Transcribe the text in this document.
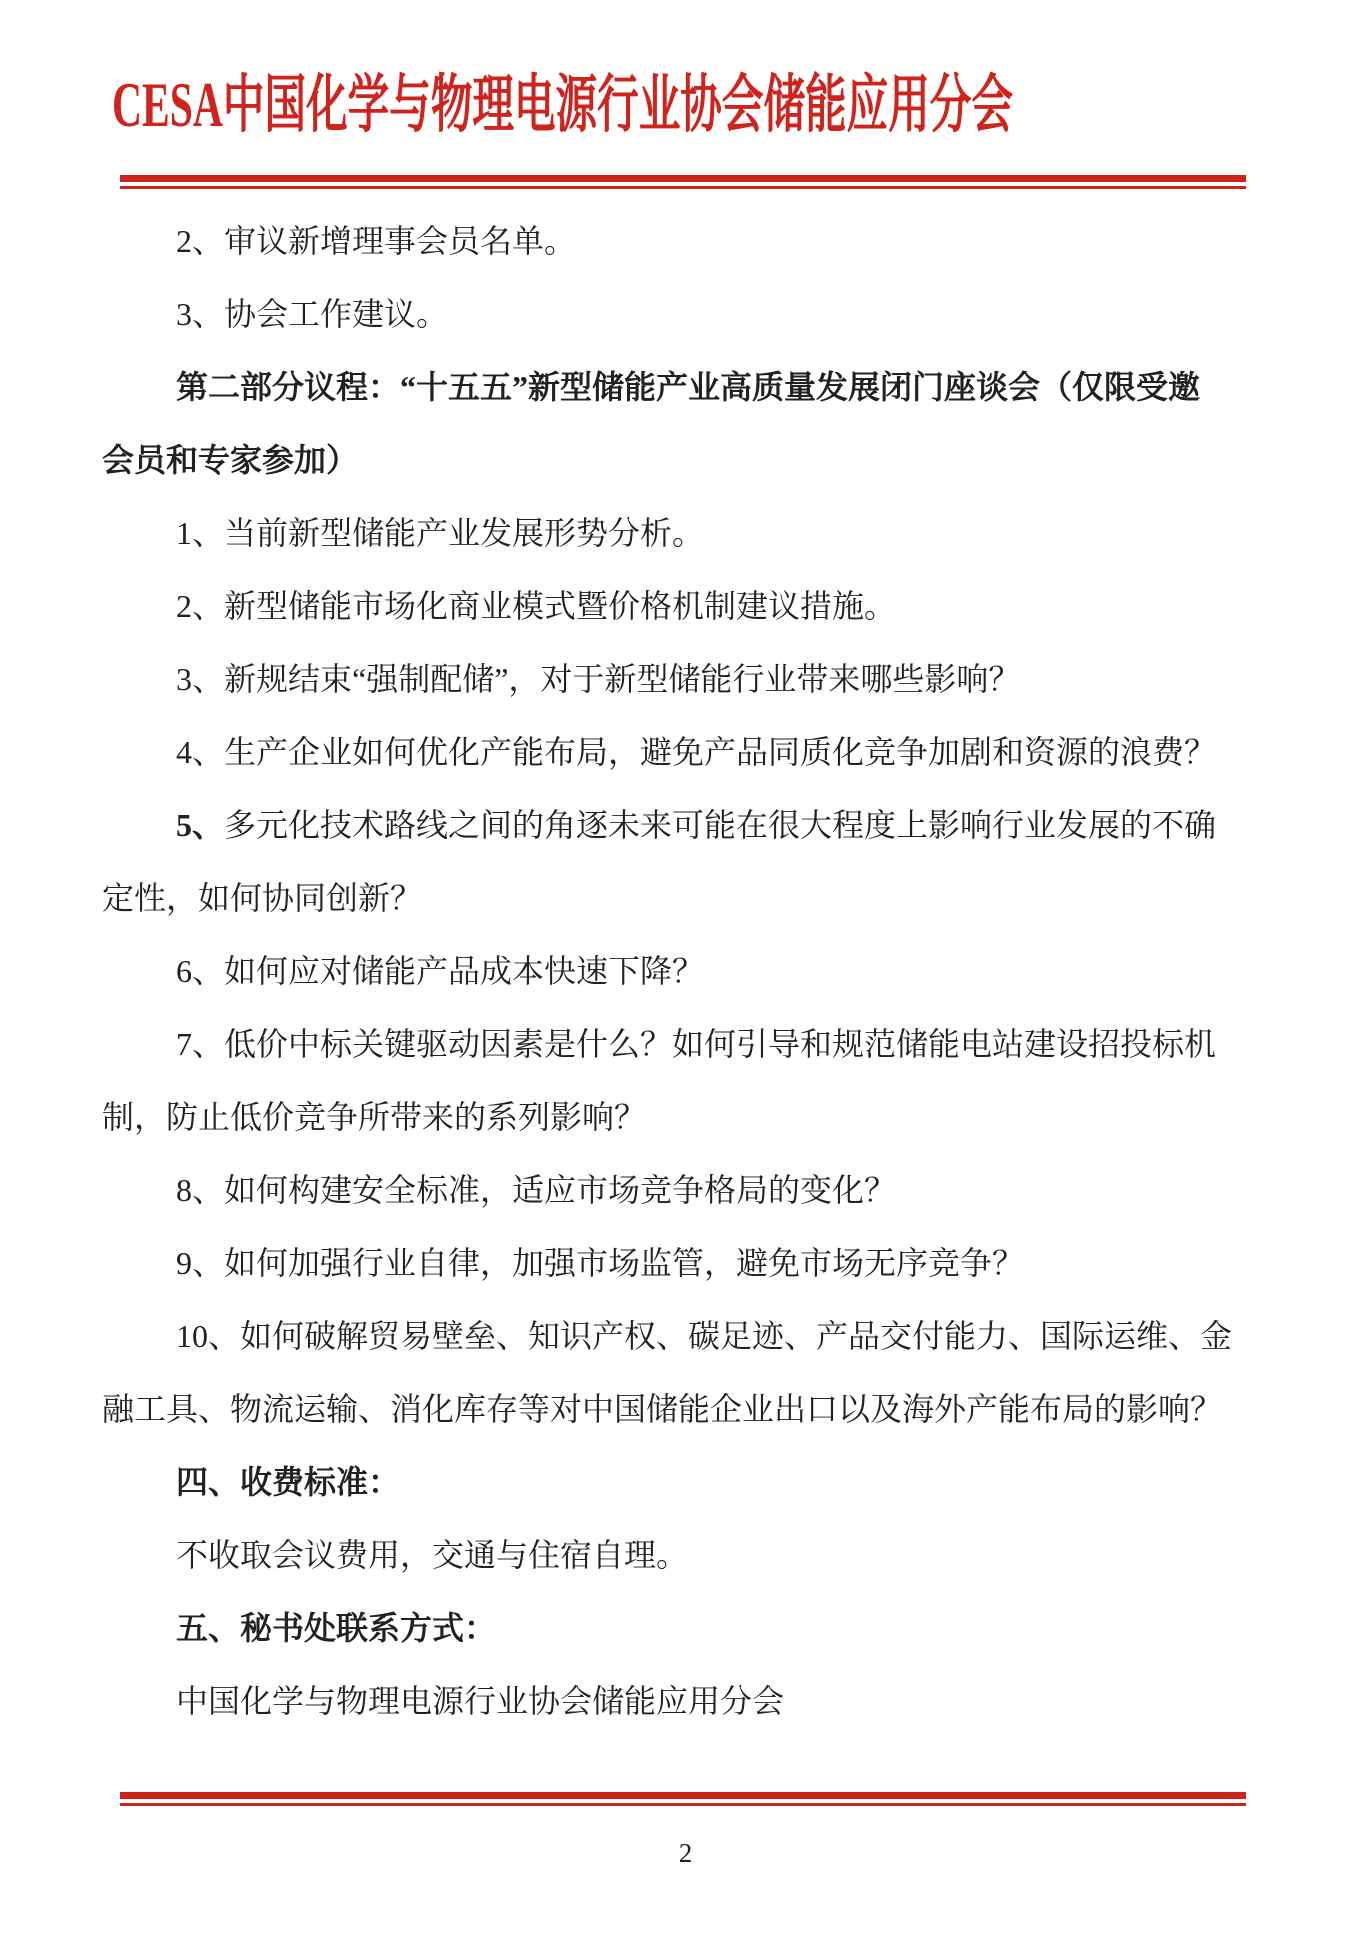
CESA中国化学与物理电源行业协会储能应用分会
2、审议新增理事会员名单。
3、协会工作建议。
第二部分议程：“十五五”新型储能产业高质量发展闭门座谈会（仅限受邀
会员和专家参加）
1、当前新型储能产业发展形势分析。
2、新型储能市场化商业模式暨价格机制建议措施。
3、新规结束“强制配储”，对于新型储能行业带来哪些影响？
4、生产企业如何优化产能布局，避免产品同质化竞争加剧和资源的浪费？
5、多元化技术路线之间的角逐未来可能在很大程度上影响行业发展的不确
定性，如何协同创新？
6、如何应对储能产品成本快速下降？
7、低价中标关键驱动因素是什么？如何引导和规范储能电站建设招投标机
制，防止低价竞争所带来的系列影响？
8、如何构建安全标准，适应市场竞争格局的变化？
9、如何加强行业自律，加强市场监管，避免市场无序竞争？
10、如何破解贸易壁垒、知识产权、碳足迹、产品交付能力、国际运维、金
融工具、物流运输、消化库存等对中国储能企业出口以及海外产能布局的影响？
四、收费标准：
不收取会议费用，交通与住宿自理。
五、秘书处联系方式：
中国化学与物理电源行业协会储能应用分会
2
